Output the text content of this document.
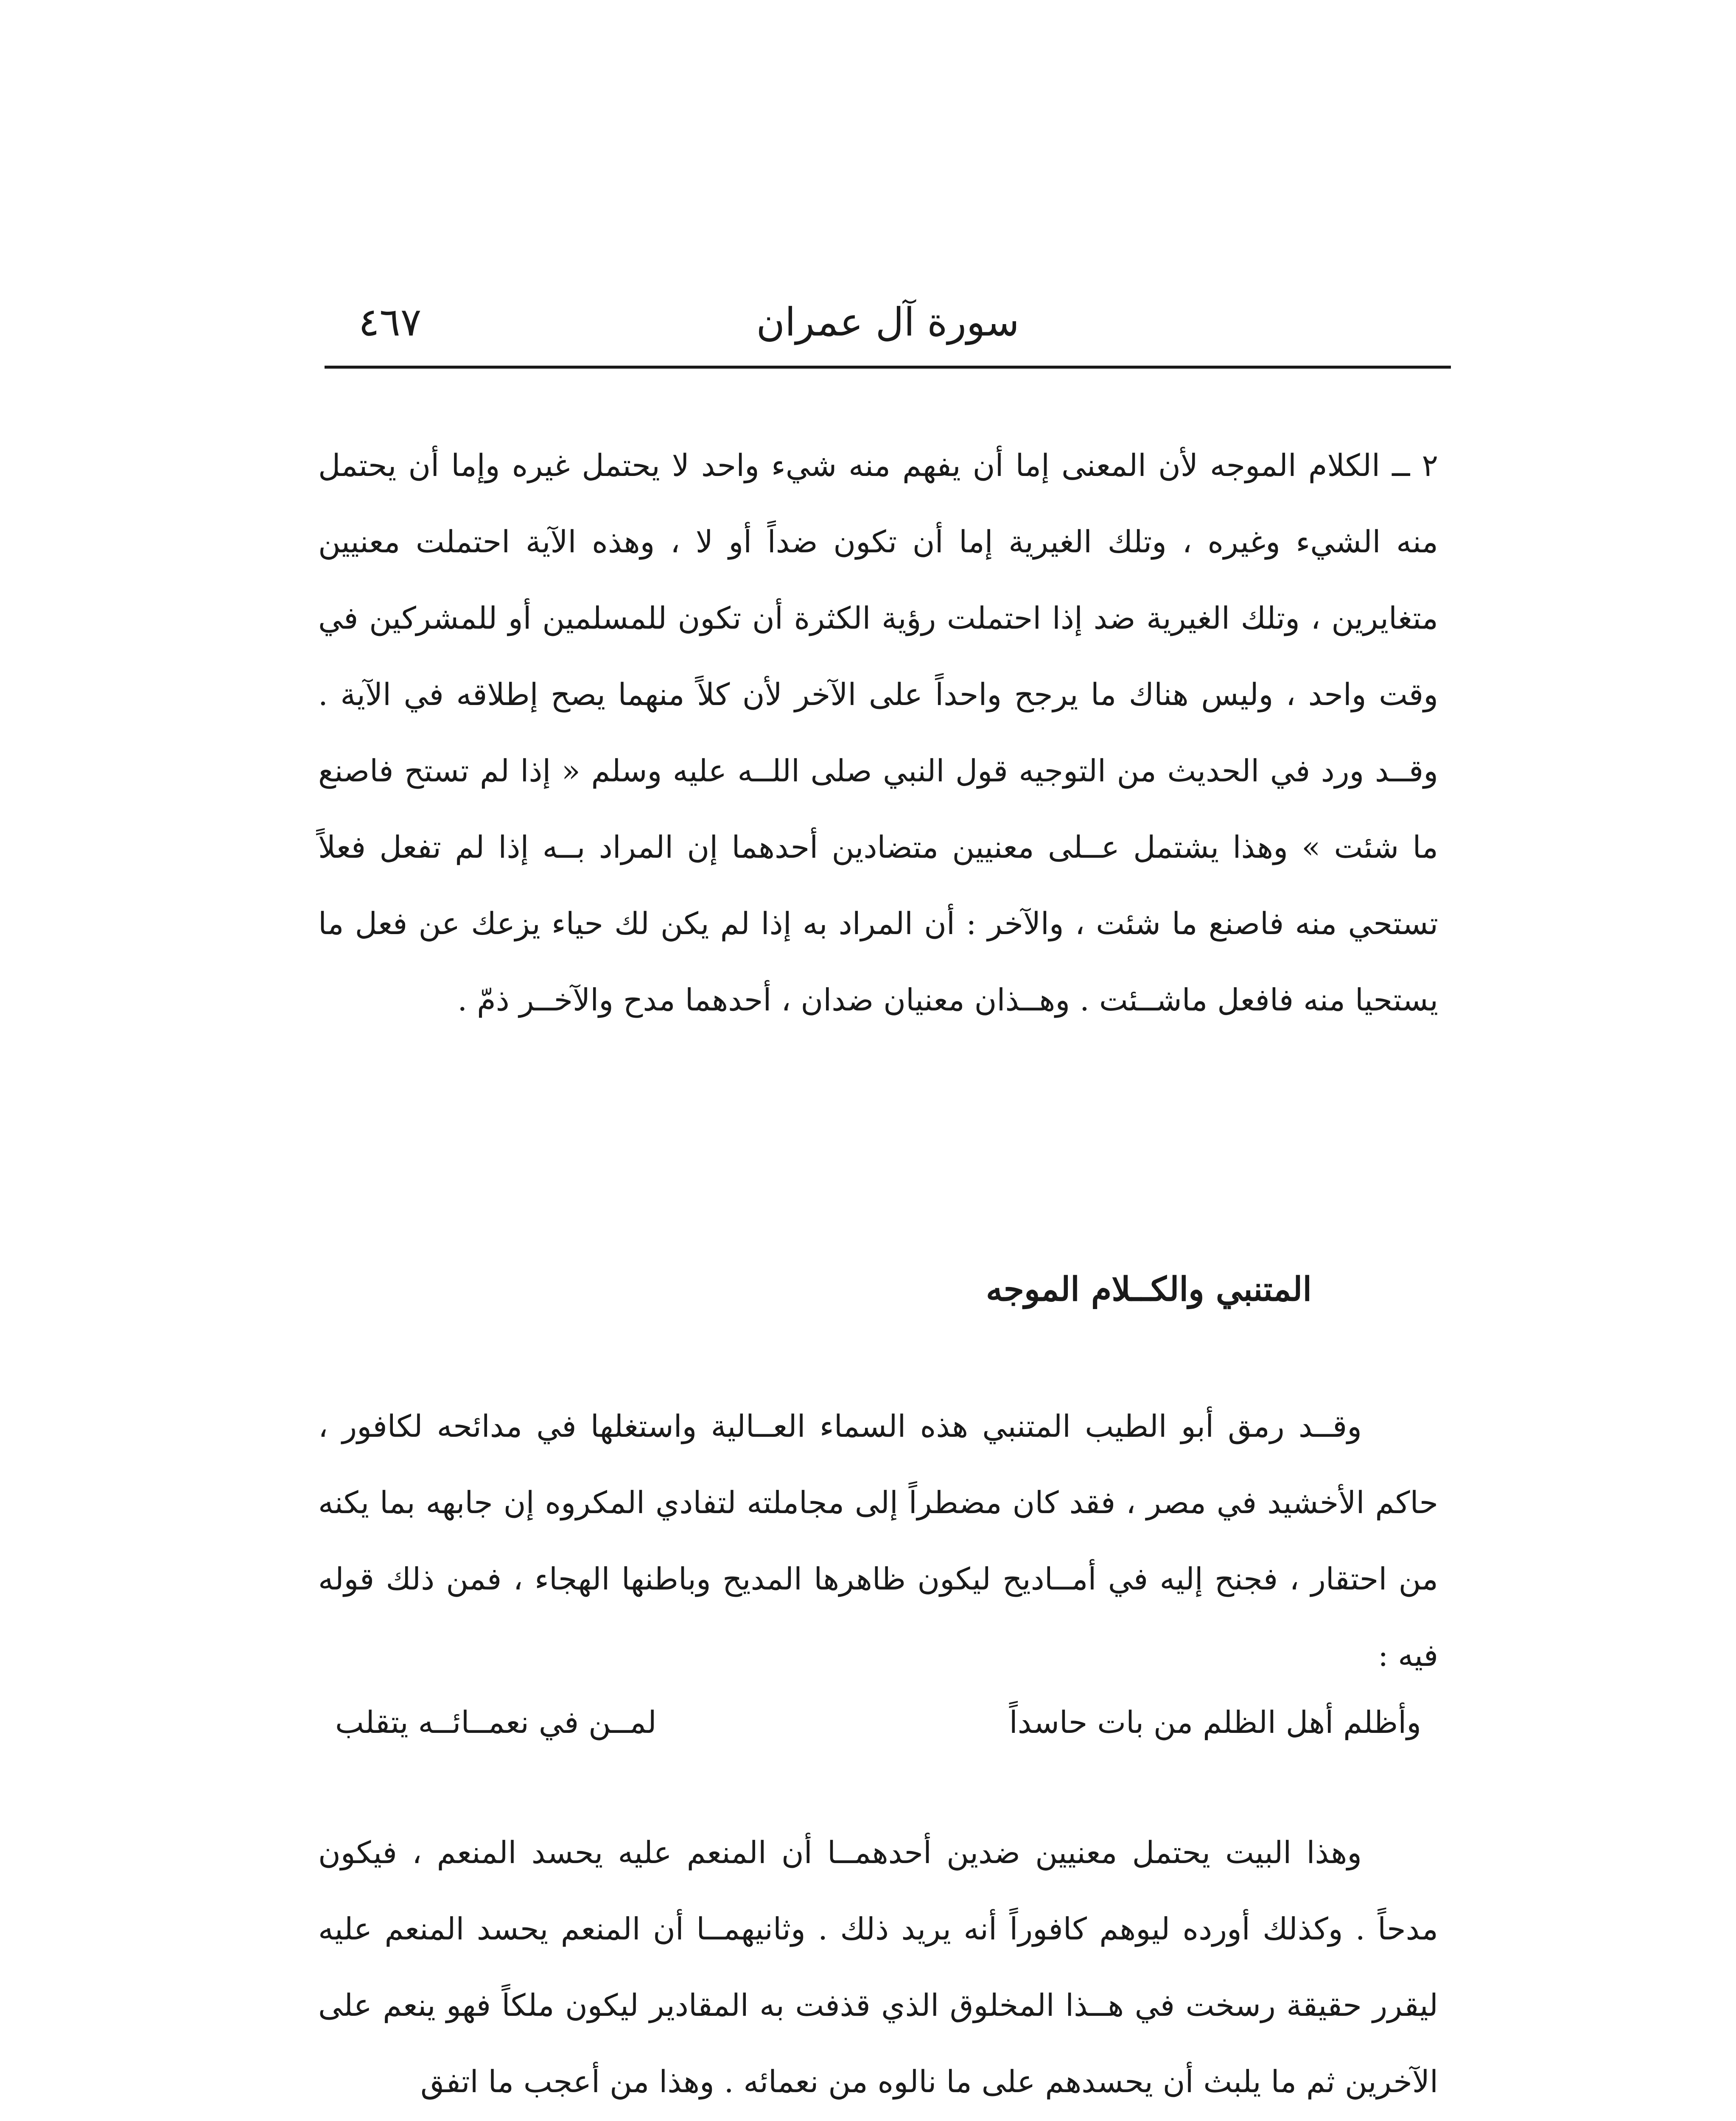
سورة آل عمران
٤٦٧

٢ ــ الكلام الموجه لأن المعنى إما أن يفهم منه شيء واحد لا يحتمل غيره وإما أن يحتمل منه الشيء وغيره ، وتلك الغيرية إما أن تكون ضداً أو لا ، وهذه الآية احتملت معنيين متغايرين ، وتلك الغيرية ضد إذا احتملت رؤية الكثرة أن تكون للمسلمين أو للمشركين في وقت واحد ، وليس هناك ما يرجح واحداً على الآخر لأن كلاً منهما يصح إطلاقه في الآية . وقــد ورد في الحديث من التوجيه قول النبي صلى اللــه عليه وسلم « إذا لم تستح فاصنع ما شئت » وهذا يشتمل عــلى معنيين متضادين أحدهما إن المراد بــه إذا لم تفعل فعلاً تستحي منه فاصنع ما شئت ، والآخر : أن المراد به إذا لم يكن لك حياء يزعك عن فعل ما يستحيا منه فافعل ماشــئت . وهــذان معنيان ضدان ، أحدهما مدح والآخــر ذمّ .

المتنبي والكــلام الموجه

وقــد رمق أبو الطيب المتنبي هذه السماء العــالية واستغلها في مدائحه لكافور ، حاكم الأخشيد في مصر ، فقد كان مضطراً إلى مجاملته لتفادي المكروه إن جابهه بما يكنه من احتقار ، فجنح إليه في أمــاديح ليكون ظاهرها المديح وباطنها الهجاء ، فمن ذلك قوله فيه :

وأظلم أهل الظلم من بات حاسداً
لمــن في نعمــائــه يتقلب

وهذا البيت يحتمل معنيين ضدين أحدهمــا أن المنعم عليه يحسد المنعم ، فيكون مدحاً . وكذلك أورده ليوهم كافوراً أنه يريد ذلك . وثانيهمــا أن المنعم يحسد المنعم عليه ليقرر حقيقة رسخت في هــذا المخلوق الذي قذفت به المقادير ليكون ملكاً فهو ينعم على الآخرين ثم ما يلبث أن يحسدهم على ما نالوه من نعمائه . وهذا من أعجب ما اتفق
